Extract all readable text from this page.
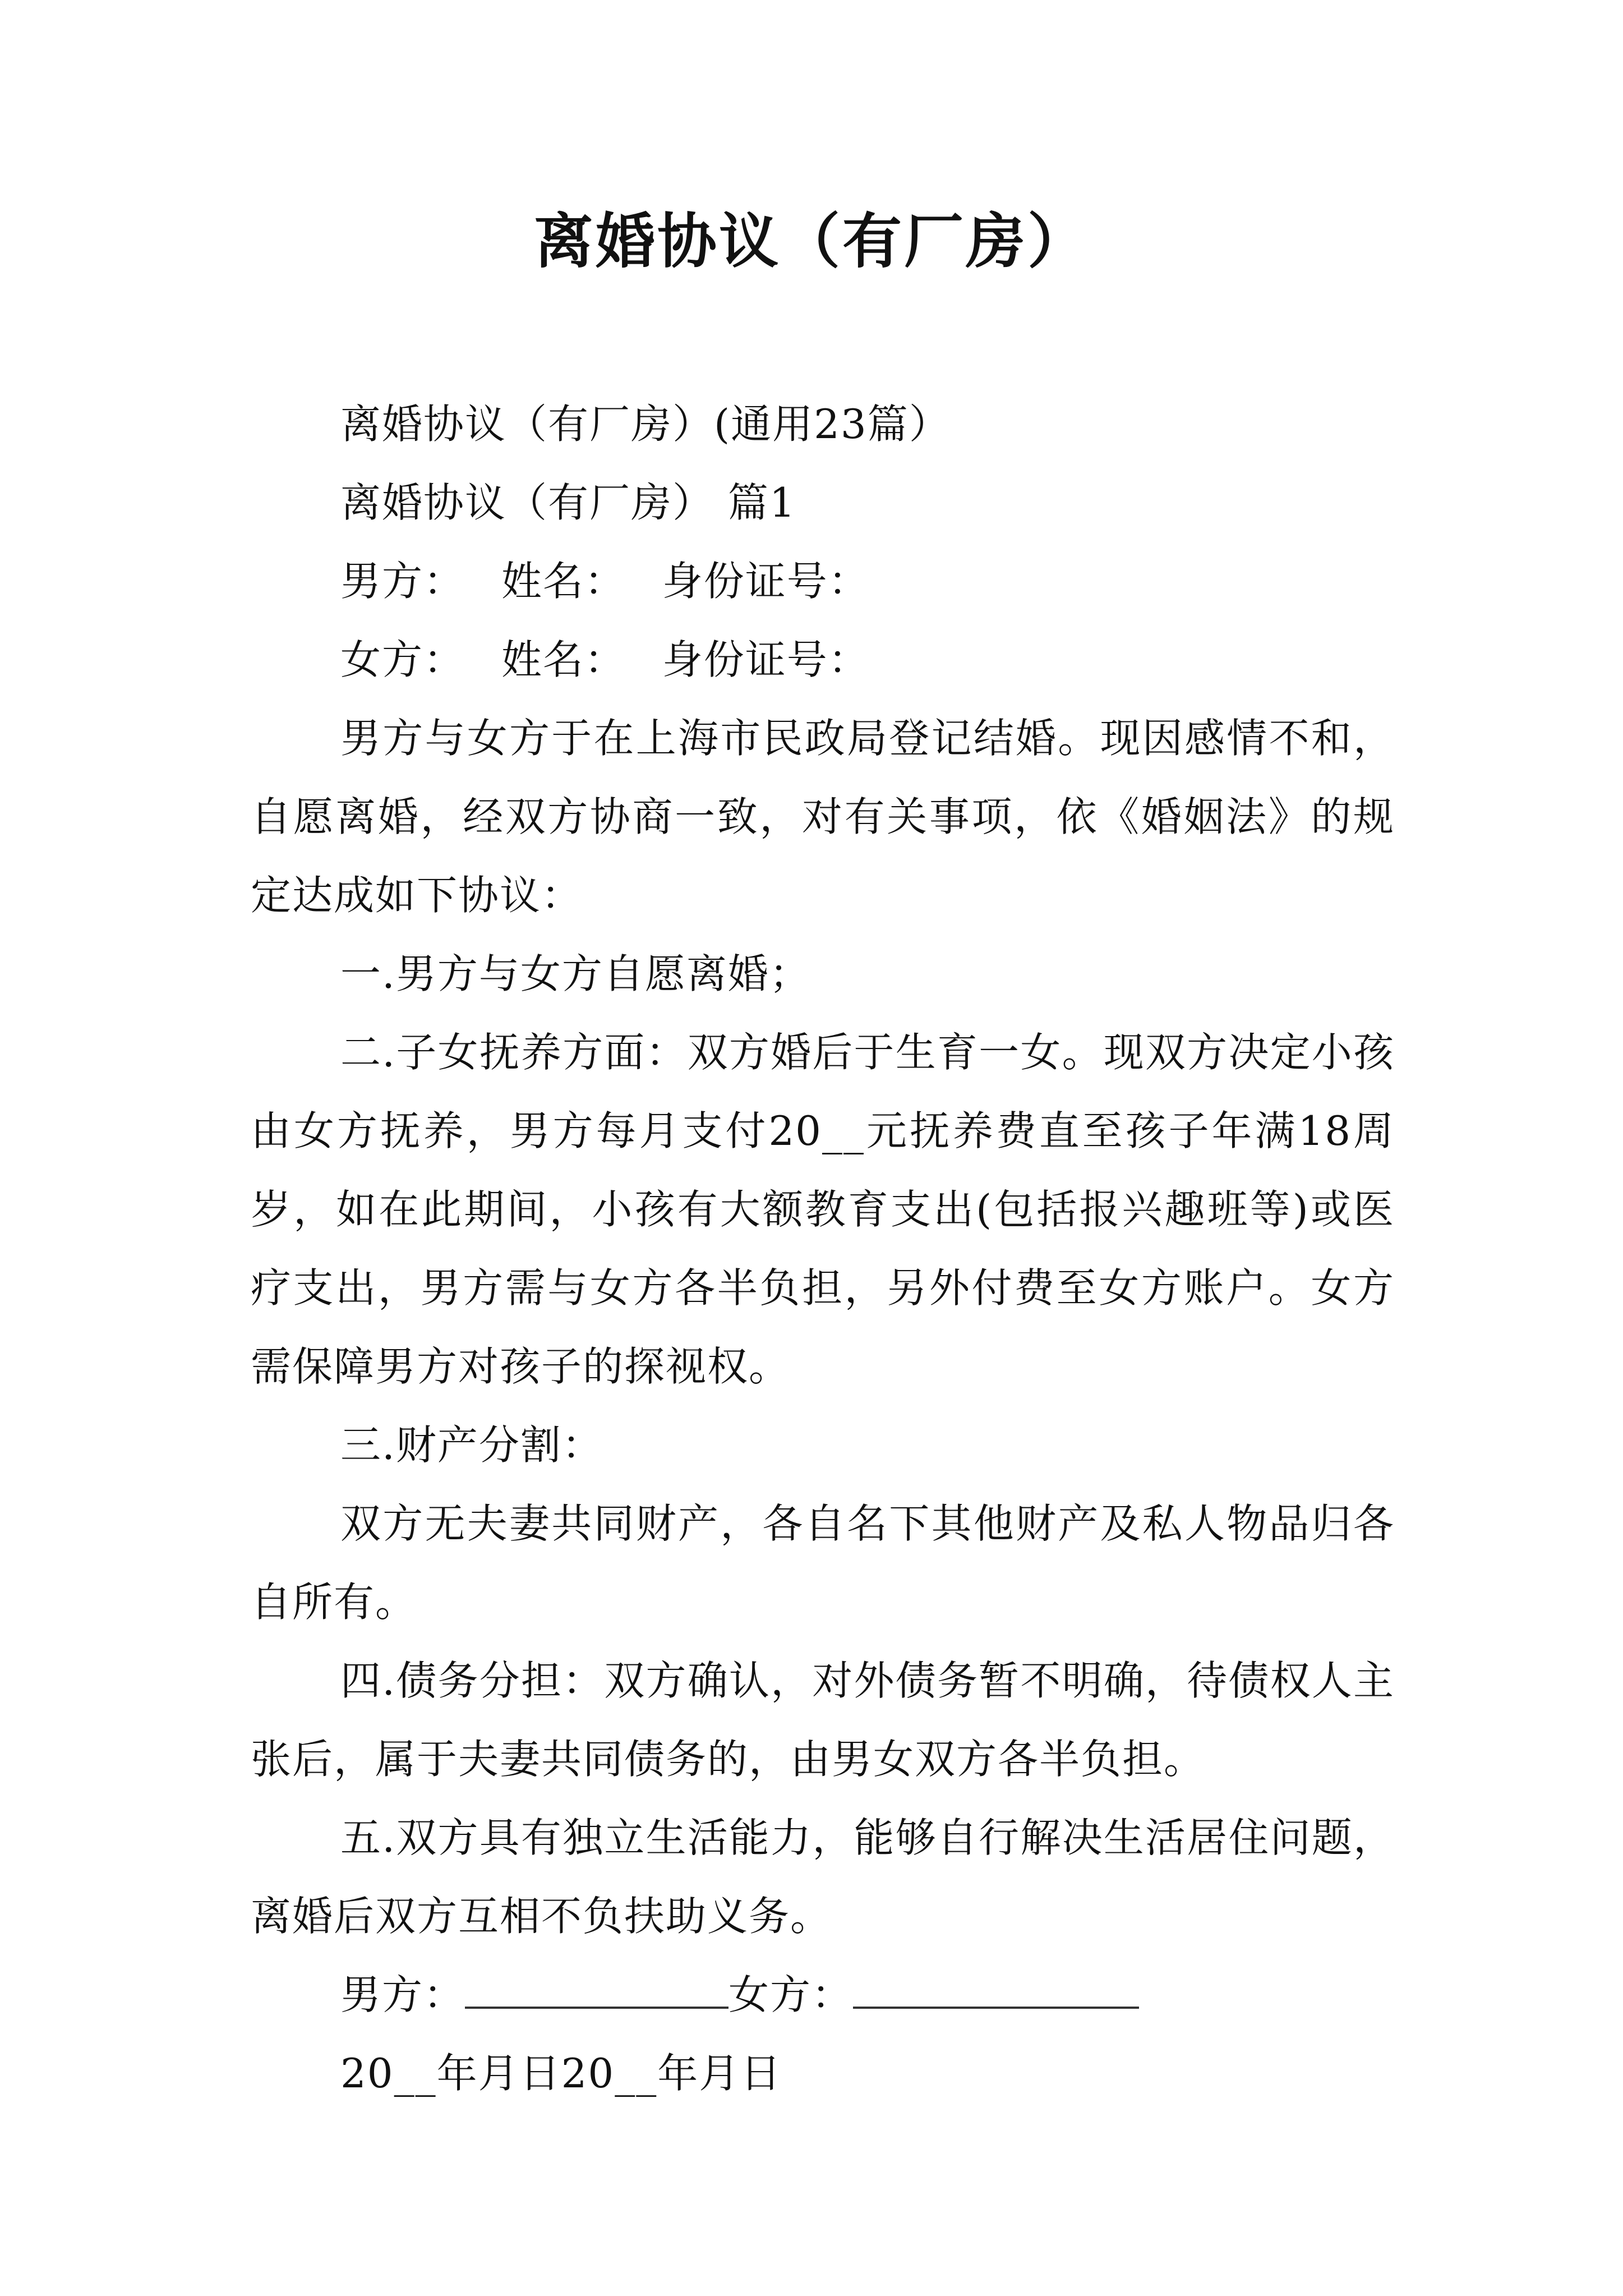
离婚协议（有厂房）

离婚协议（有厂房）(通用23篇）

离婚协议（有厂房） 篇1

男方： 姓名： 身份证号：

女方： 姓名： 身份证号：

男方与女方于在上海市民政局登记结婚。现因感情不和，自愿离婚，经双方协商一致，对有关事项，依《婚姻法》的规定达成如下协议：

一.男方与女方自愿离婚；

二.子女抚养方面：双方婚后于生育一女。现双方决定小孩由女方抚养，男方每月支付20__元抚养费直至孩子年满18周岁，如在此期间，小孩有大额教育支出(包括报兴趣班等)或医疗支出，男方需与女方各半负担，另外付费至女方账户。女方需保障男方对孩子的探视权。

三.财产分割：

双方无夫妻共同财产，各自名下其他财产及私人物品归各自所有。

四.债务分担：双方确认，对外债务暂不明确，待债权人主张后，属于夫妻共同债务的，由男女双方各半负担。

五.双方具有独立生活能力，能够自行解决生活居住问题，离婚后双方互相不负扶助义务。

男方：	女方：

20__年月日20__年月日
